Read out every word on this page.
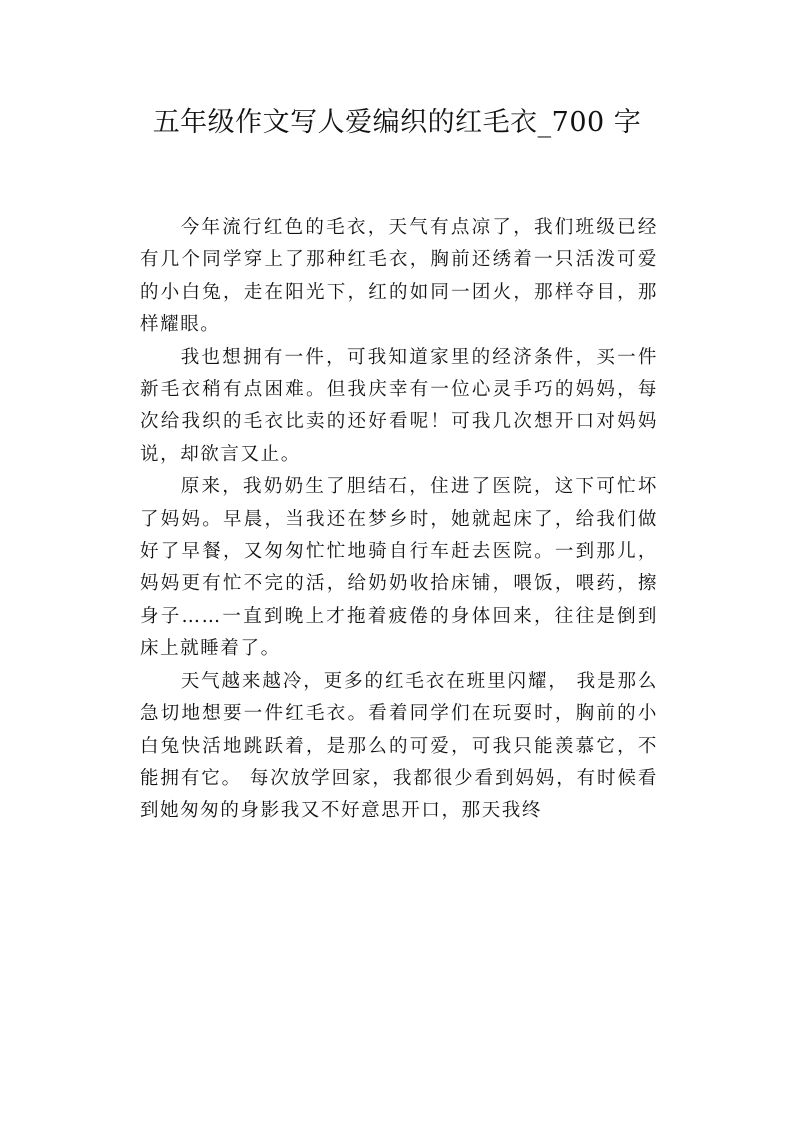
五年级作文写人爱编织的红毛衣_700 字

今年流行红色的毛衣，天气有点凉了，我们班级已经有几个同学穿上了那种红毛衣，胸前还绣着一只活泼可爱的小白兔，走在阳光下，红的如同一团火，那样夺目，那样耀眼。

我也想拥有一件，可我知道家里的经济条件，买一件新毛衣稍有点困难。但我庆幸有一位心灵手巧的妈妈，每次给我织的毛衣比卖的还好看呢！可我几次想开口对妈妈说，却欲言又止。

原来，我奶奶生了胆结石，住进了医院，这下可忙坏了妈妈。早晨，当我还在梦乡时，她就起床了，给我们做好了早餐，又匆匆忙忙地骑自行车赶去医院。一到那儿，妈妈更有忙不完的活，给奶奶收拾床铺，喂饭，喂药，擦身子……一直到晚上才拖着疲倦的身体回来，往往是倒到床上就睡着了。

天气越来越冷，更多的红毛衣在班里闪耀， 我是那么急切地想要一件红毛衣。看着同学们在玩耍时，胸前的小白兔快活地跳跃着，是那么的可爱，可我只能羡慕它，不能拥有它。 每次放学回家，我都很少看到妈妈，有时候看到她匆匆的身影我又不好意思开口，那天我终
